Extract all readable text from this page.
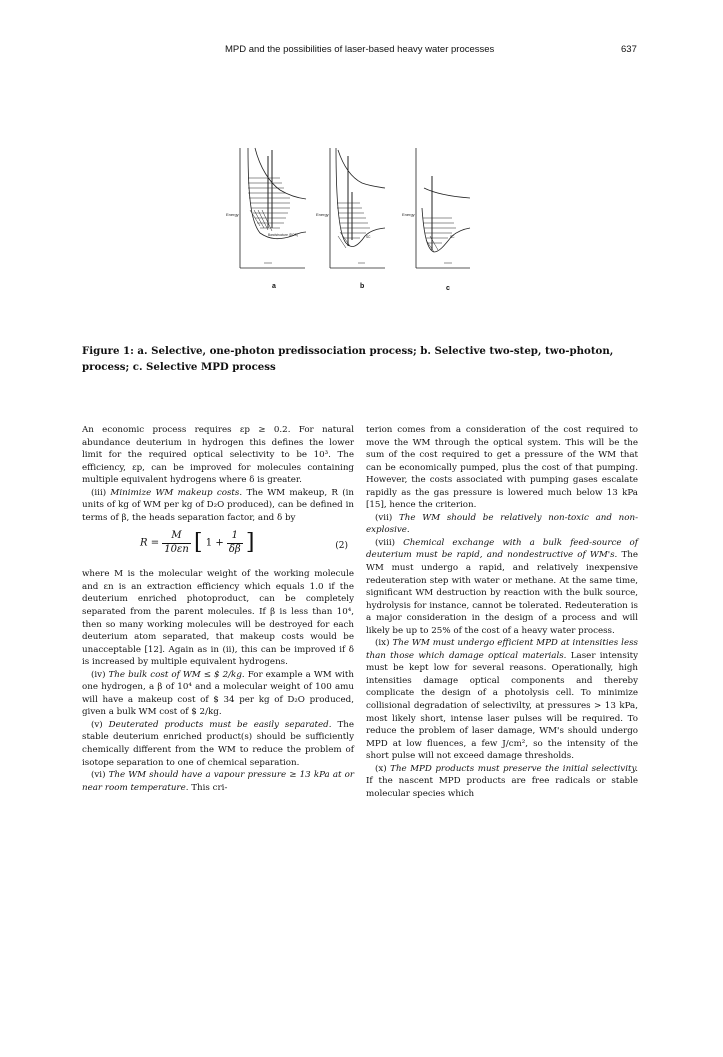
MPD and the possibilities of laser-based heavy water processes	637
Energy
Bandstructure (DOS)
Energy
SC
Energy
SC
a	b	c
Figure 1: a. Selective, one-photon predissociation process; b. Selective two-step, two-photon, process; c. Selective MPD process

An economic process requires εp ≥ 0.2. For natural abundance deuterium in hydrogen this defines the lower limit for the required optical selectivity to be 10³. The efficiency, εp, can be improved for molecules containing multiple equivalent hydrogens where δ is greater.

(iii) Minimize WM makeup costs. The WM makeup, R (in units of kg of WM per kg of D₂O produced), can be defined in terms of β, the heads separation factor, and δ by

$R = \frac{M}{10\varepsilon n}$ [ $1 + \frac{1}{\delta\beta}$ ]	(2)

where M is the molecular weight of the working molecule and εn is an extraction efficiency which equals 1.0 if the deuterium enriched photoproduct, can be completely separated from the parent molecules. If β is less than 10⁴, then so many working molecules will be destroyed for each deuterium atom separated, that makeup costs would be unacceptable [12]. Again as in (ii), this can be improved if δ is increased by multiple equivalent hydrogens.

(iv) The bulk cost of WM ≤ $ 2/kg. For example a WM with one hydrogen, a β of 10⁴ and a molecular weight of 100 amu will have a makeup cost of $ 34 per kg of D₂O produced, given a bulk WM cost of $ 2/kg.

(v) Deuterated products must be easily separated. The stable deuterium enriched product(s) should be sufficiently chemically different from the WM to reduce the problem of isotope separation to one of chemical separation.

(vi) The WM should have a vapour pressure ≥ 13 kPa at or near room temperature. This cri-

terion comes from a consideration of the cost required to move the WM through the optical system. This will be the sum of the cost required to get a pressure of the WM that can be economically pumped, plus the cost of that pumping. However, the costs associated with pumping gases escalate rapidly as the gas pressure is lowered much below 13 kPa [15], hence the criterion.

(vii) The WM should be relatively non-toxic and non- explosive.

(viii) Chemical exchange with a bulk feed-source of deuterium must be rapid, and nondestructive of WM's. The WM must undergo a rapid, and relatively inexpensive redeuteration step with water or methane. At the same time, significant WM destruction by reaction with the bulk source, hydrolysis for instance, cannot be tolerated. Redeuteration is a major consideration in the design of a process and will likely be up to 25% of the cost of a heavy water process.

(ix) The WM must undergo efficient MPD at intensities less than those which damage optical materials. Laser intensity must be kept low for several reasons. Operationally, high intensities damage optical components and thereby complicate the design of a photolysis cell. To minimize collisional degradation of selectivilty, at pressures > 13 kPa, most likely short, intense laser pulses will be required. To reduce the problem of laser damage, WM's should undergo MPD at low fluences, a few J/cm², so the intensity of the short pulse will not exceed damage thresholds.

(x) The MPD products must preserve the initial selectivity. If the nascent MPD products are free radicals or stable molecular species which
